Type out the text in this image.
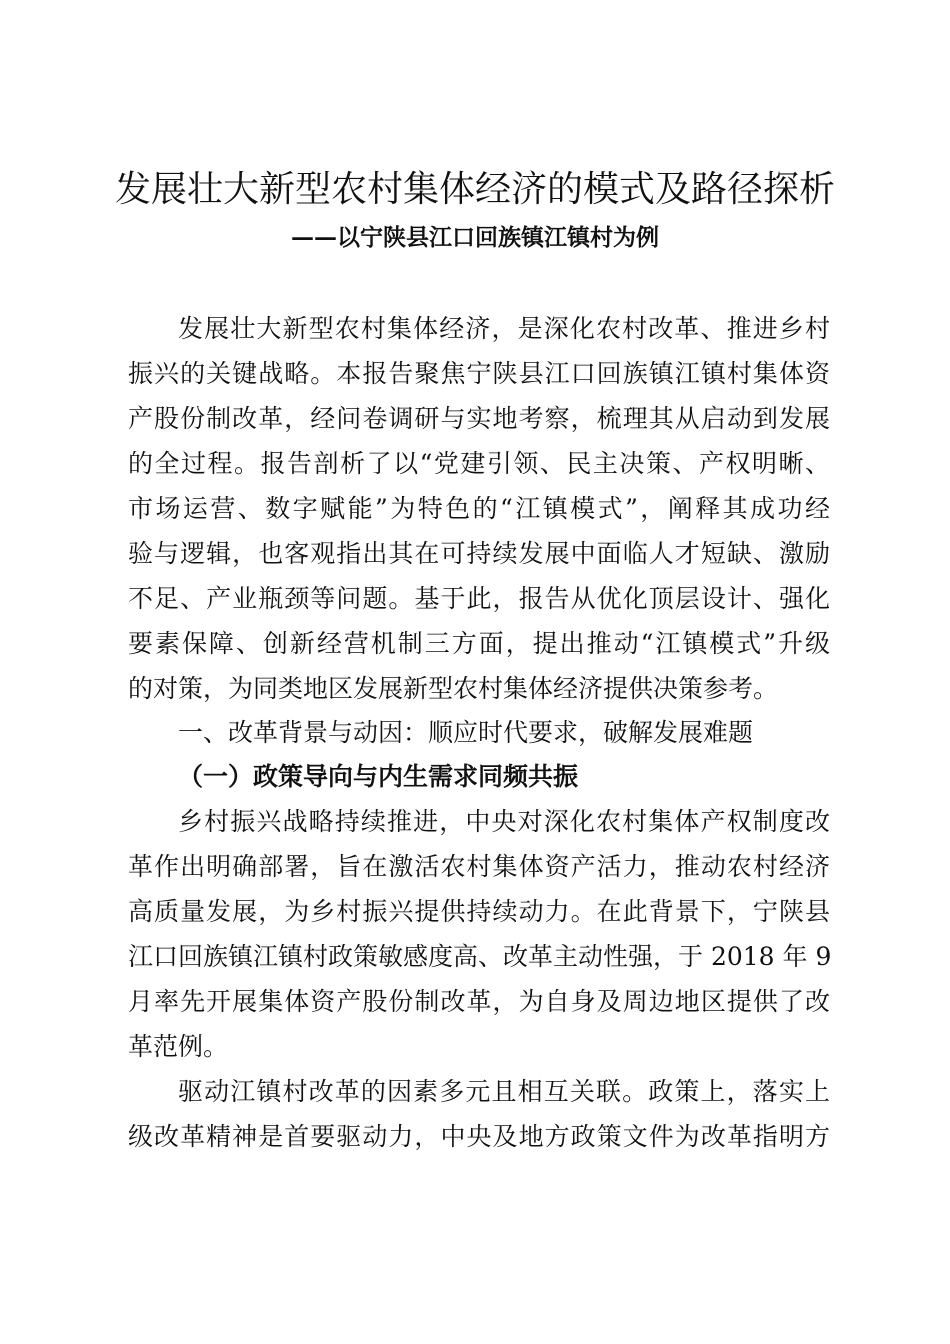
发展壮大新型农村集体经济的模式及路径探析
——以宁陕县江口回族镇江镇村为例
发展壮大新型农村集体经济，是深化农村改革、推进乡村
振兴的关键战略。本报告聚焦宁陕县江口回族镇江镇村集体资
产股份制改革，经问卷调研与实地考察，梳理其从启动到发展
的全过程。报告剖析了以“党建引领、民主决策、产权明晰、
市场运营、数字赋能”为特色的“江镇模式”，阐释其成功经
验与逻辑，也客观指出其在可持续发展中面临人才短缺、激励
不足、产业瓶颈等问题。基于此，报告从优化顶层设计、强化
要素保障、创新经营机制三方面，提出推动“江镇模式”升级
的对策，为同类地区发展新型农村集体经济提供决策参考。
一、改革背景与动因：顺应时代要求，破解发展难题
（一）政策导向与内生需求同频共振
乡村振兴战略持续推进，中央对深化农村集体产权制度改
革作出明确部署，旨在激活农村集体资产活力，推动农村经济
高质量发展，为乡村振兴提供持续动力。在此背景下，宁陕县
江口回族镇江镇村政策敏感度高、改革主动性强，于 2018 年 9
月率先开展集体资产股份制改革，为自身及周边地区提供了改
革范例。
驱动江镇村改革的因素多元且相互关联。政策上，落实上
级改革精神是首要驱动力，中央及地方政策文件为改革指明方
